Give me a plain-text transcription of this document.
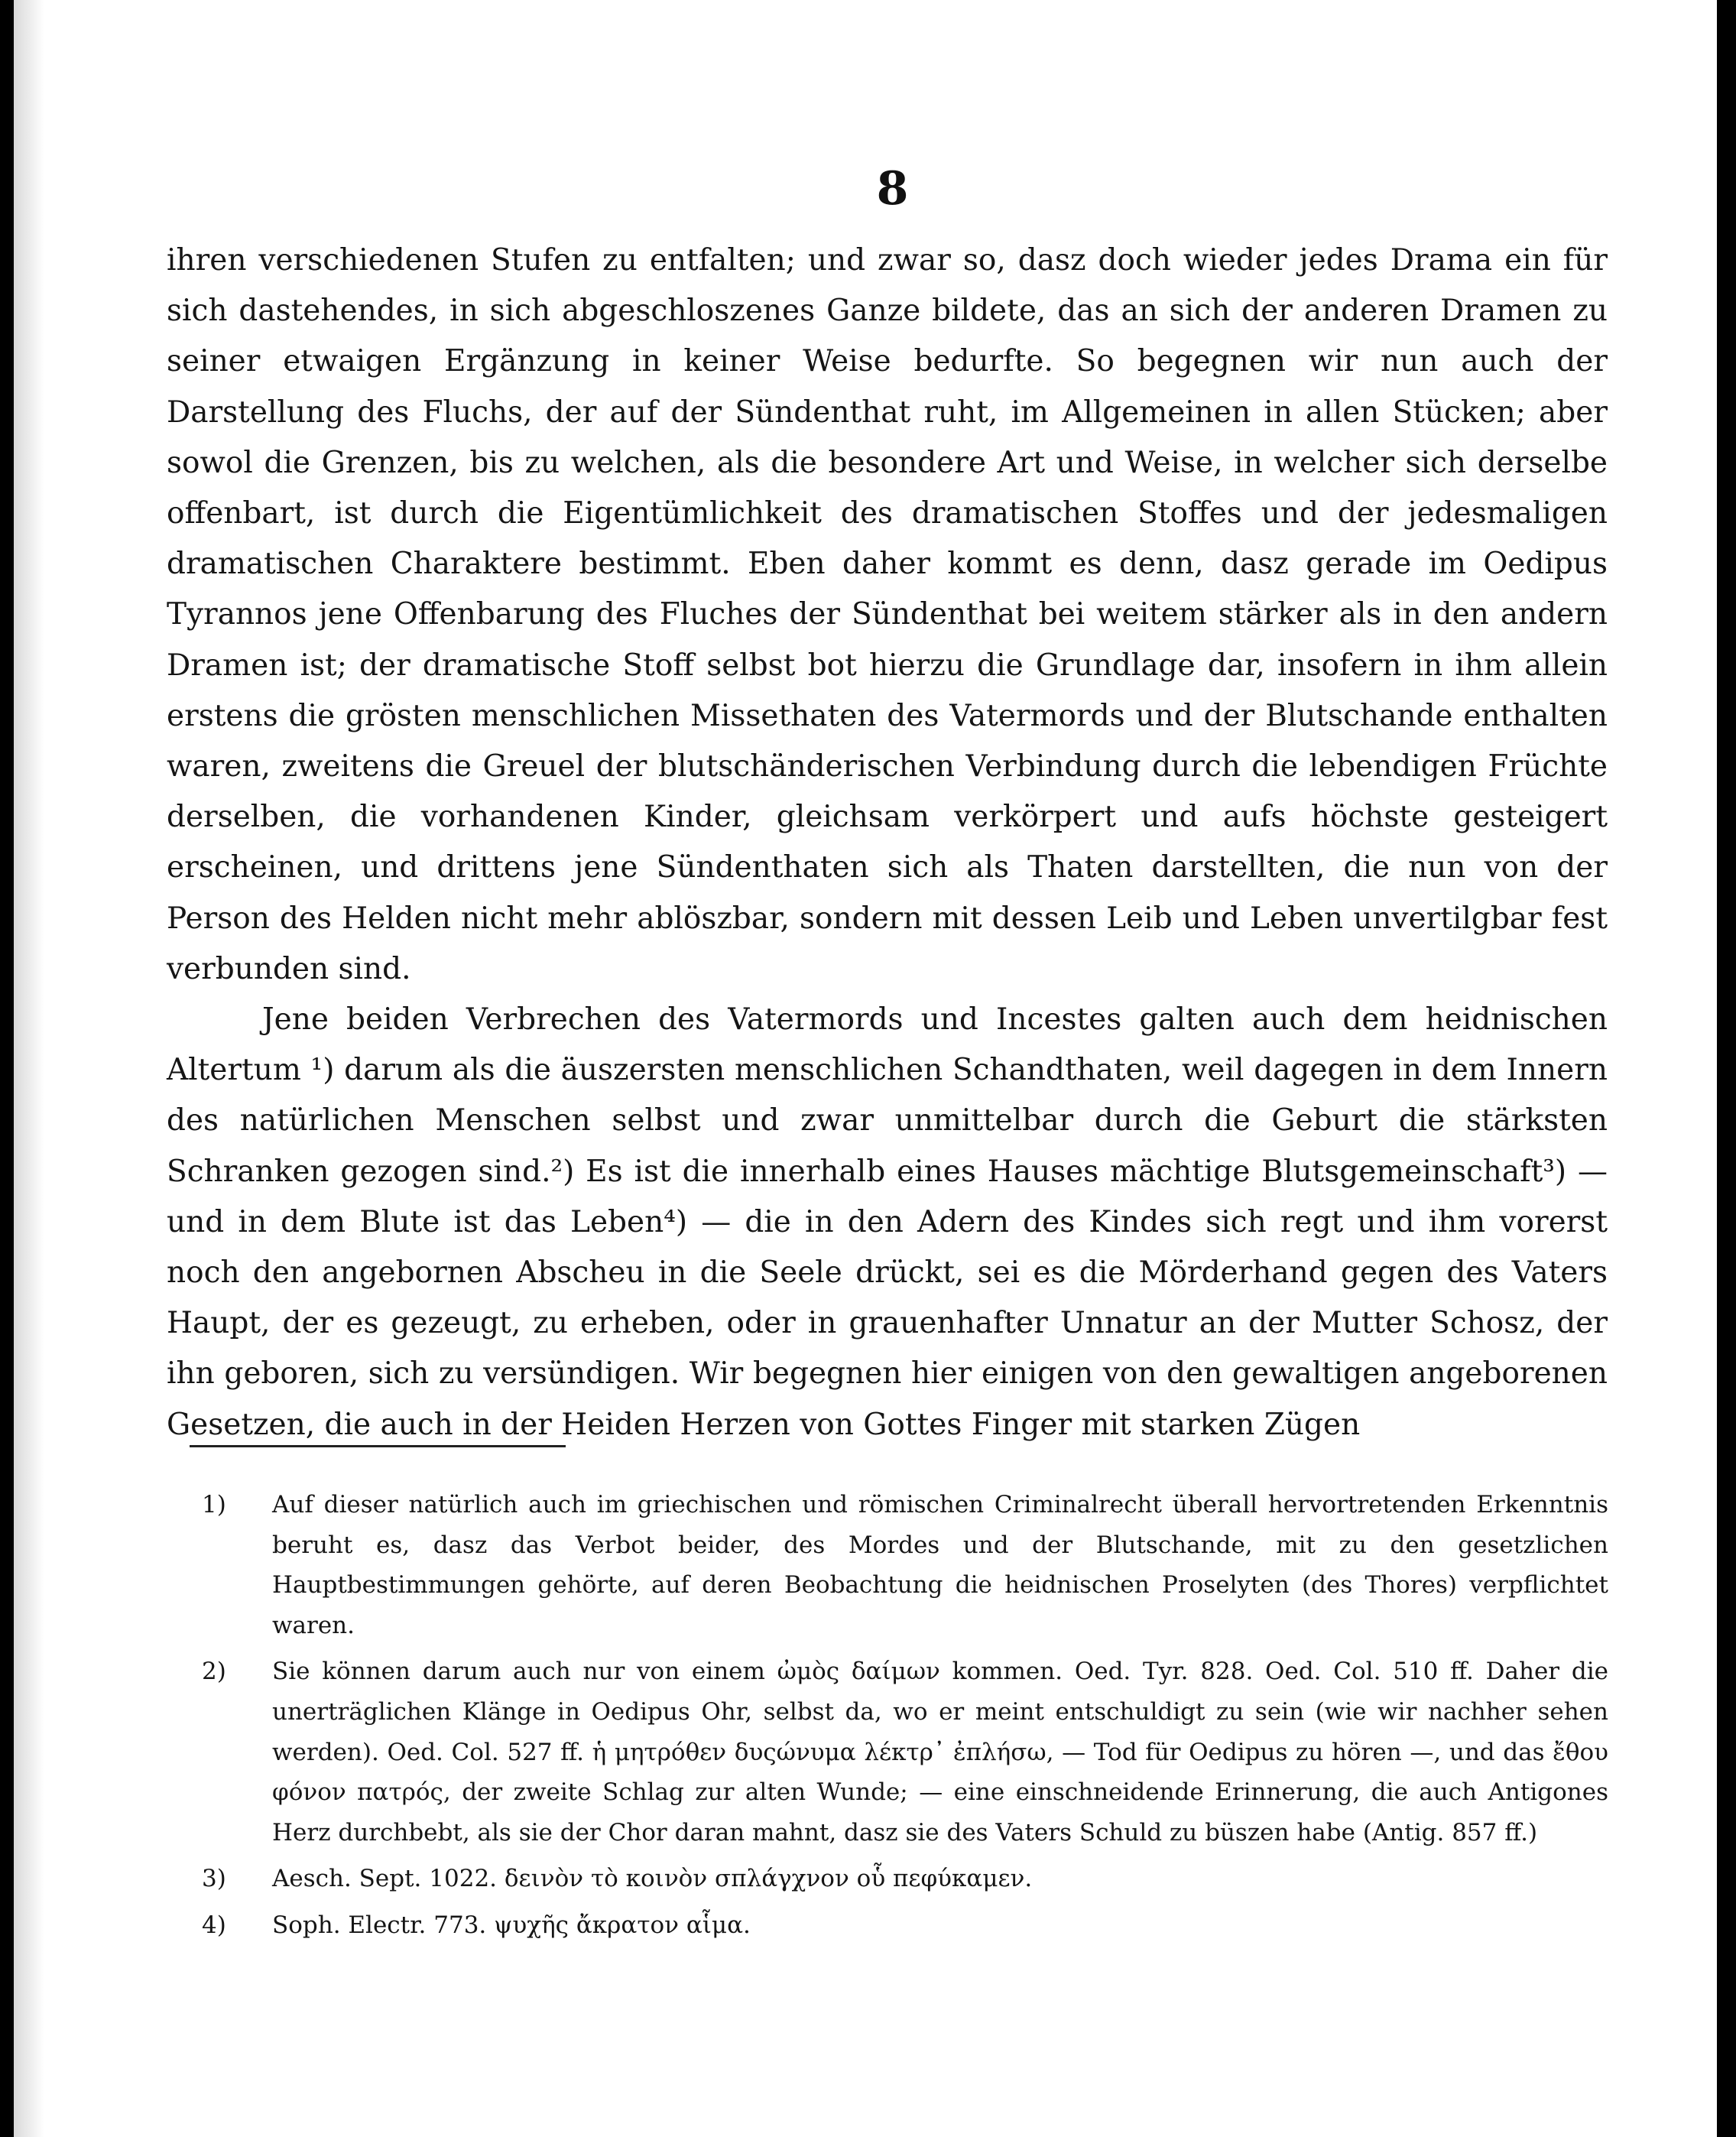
8

ihren verschiedenen Stufen zu entfalten; und zwar so, dasz doch wieder jedes Drama ein für sich dastehendes, in sich abgeschloszenes Ganze bildete, das an sich der anderen Dramen zu seiner etwaigen Ergänzung in keiner Weise bedurfte. So begegnen wir nun auch der Darstellung des Fluchs, der auf der Sündenthat ruht, im Allgemeinen in allen Stücken; aber sowol die Grenzen, bis zu welchen, als die besondere Art und Weise, in welcher sich derselbe offenbart, ist durch die Eigentümlichkeit des dramatischen Stoffes und der jedesmaligen dramatischen Charaktere bestimmt. Eben daher kommt es denn, dasz gerade im Oedipus Tyrannos jene Offenbarung des Fluches der Sündenthat bei weitem stärker als in den andern Dramen ist; der dramatische Stoff selbst bot hierzu die Grundlage dar, insofern in ihm allein erstens die grösten menschlichen Missethaten des Vatermords und der Blutschande enthalten waren, zweitens die Greuel der blutschänderischen Verbindung durch die lebendigen Früchte derselben, die vorhandenen Kinder, gleichsam verkörpert und aufs höchste gesteigert erscheinen, und drittens jene Sündenthaten sich als Thaten darstellten, die nun von der Person des Helden nicht mehr ablöszbar, sondern mit dessen Leib und Leben unvertilgbar fest verbunden sind.

Jene beiden Verbrechen des Vatermords und Incestes galten auch dem heidnischen Altertum ¹) darum als die äuszersten menschlichen Schandthaten, weil dagegen in dem Innern des natürlichen Menschen selbst und zwar unmittelbar durch die Geburt die stärksten Schranken gezogen sind.²) Es ist die innerhalb eines Hauses mächtige Blutsgemeinschaft³) — und in dem Blute ist das Leben⁴) — die in den Adern des Kindes sich regt und ihm vorerst noch den angebornen Abscheu in die Seele drückt, sei es die Mörderhand gegen des Vaters Haupt, der es gezeugt, zu erheben, oder in grauenhafter Unnatur an der Mutter Schosz, der ihn geboren, sich zu versündigen. Wir begegnen hier einigen von den gewaltigen angeborenen Gesetzen, die auch in der Heiden Herzen von Gottes Finger mit starken Zügen

1) Auf dieser natürlich auch im griechischen und römischen Criminalrecht überall hervortretenden Erkenntnis beruht es, dasz das Verbot beider, des Mordes und der Blutschande, mit zu den gesetzlichen Hauptbestimmungen gehörte, auf deren Beobachtung die heidnischen Proselyten (des Thores) verpflichtet waren.
2) Sie können darum auch nur von einem ὠμὸς δαίμων kommen. Oed. Tyr. 828. Oed. Col. 510 ff. Daher die unerträglichen Klänge in Oedipus Ohr, selbst da, wo er meint entschuldigt zu sein (wie wir nachher sehen werden). Oed. Col. 527 ff. ἡ μητρόθεν δυςώνυμα λέκτρ᾽ ἐπλήσω, — Tod für Oedipus zu hören —, und das ἔθου φόνον πατρός, der zweite Schlag zur alten Wunde; — eine einschneidende Erinnerung, die auch Antigones Herz durchbebt, als sie der Chor daran mahnt, dasz sie des Vaters Schuld zu büszen habe (Antig. 857 ff.)
3) Aesch. Sept. 1022. δεινὸν τὸ κοινὸν σπλάγχνον οὗ πεφύκαμεν.
4) Soph. Electr. 773. ψυχῆς ἄκρατον αἷμα.
